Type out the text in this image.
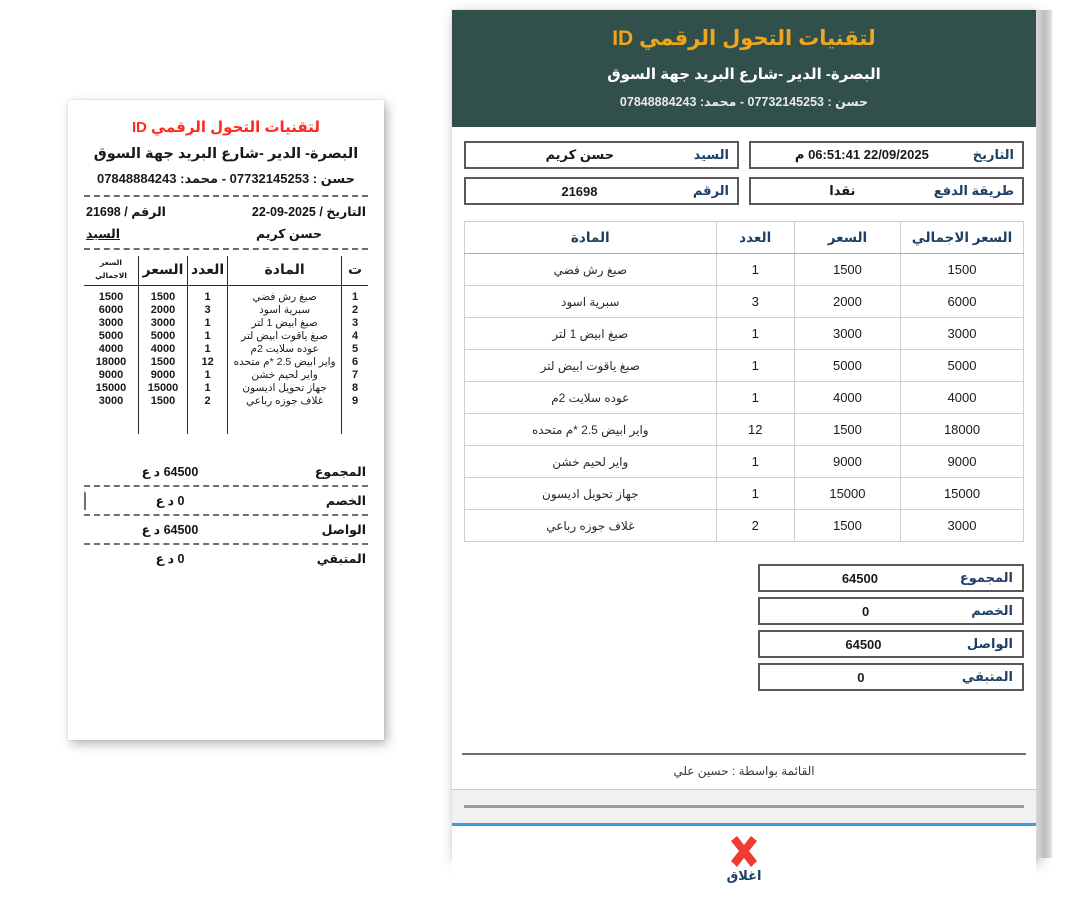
لتقنيات التحول الرقمي ID
البصرة- الدير -شارع البريد جهة السوق
حسن : 07732145253 - محمد: 07848884243
التاريخ / 2025-09-22
الرقم / 21698
حسن كريم
السيد
ت	المادة	العدد	السعر	السعر الاجمالي
1	صبغ رش فضي	1	1500	1500
2	سبرية اسود	3	2000	6000
3	صبغ ابيض 1 لتر	1	3000	3000
4	صبغ ياقوت ابيض لتر	1	5000	5000
5	عوده سلايت 2م	1	4000	4000
6	واير ابيض 2.5 *م متحده	12	1500	18000
7	واير لحيم خشن	1	9000	9000
8	جهاز تحويل اديسون	1	15000	15000
9	غلاف جوزه رباعي	2	1500	3000

المجموع
64500 د ع
الخصم
0 د ع
الواصل
64500 د ع
المتبقي
0 د ع
لتقنيات التحول الرقمي ID
البصرة- الدير -شارع البريد جهة السوق
حسن : 07732145253 - محمد: 07848884243
التاريخ
22/09/2025 06:51:41 م
السيد
حسن كريم
طريقة الدفع
نقدا
الرقم
21698
السعر الاجمالي	السعر	العدد	المادة
1500	1500	1	صبغ رش فضي
6000	2000	3	سبرية اسود
3000	3000	1	صبغ ابيض 1 لتر
5000	5000	1	صبغ ياقوت ابيض لتر
4000	4000	1	عوده سلايت 2م
18000	1500	12	واير ابيض 2.5 *م متحده
9000	9000	1	واير لحيم خشن
15000	15000	1	جهاز تحويل اديسون
3000	1500	2	غلاف جوزه رباعي
المجموع
64500
الخصم
0
الواصل
64500
المتبقي
0
القائمة بواسطة : حسين علي
اغلاق
